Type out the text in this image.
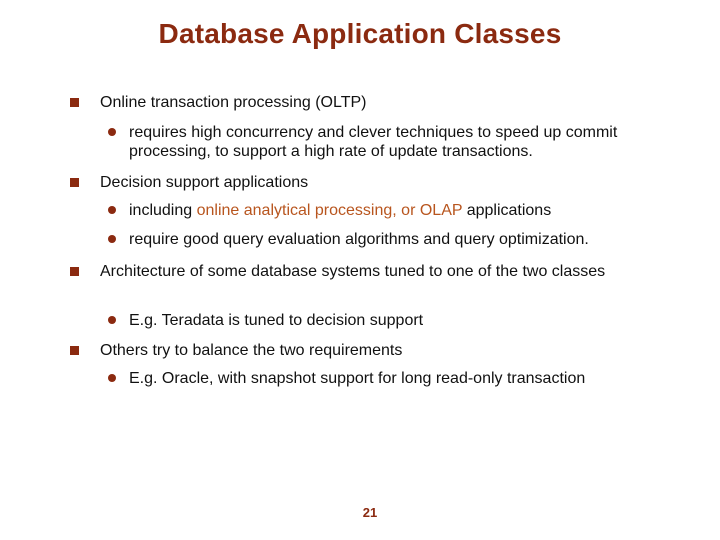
Database Application Classes
Online transaction processing (OLTP)
requires high concurrency and clever techniques to speed up commit processing, to support a high rate of update transactions.
Decision support applications
including online analytical processing, or OLAP applications
require good query evaluation algorithms and query optimization.
Architecture of some database systems tuned to one of the two classes
E.g. Teradata is tuned to decision support
Others try to balance the two requirements
E.g. Oracle, with snapshot support for long read-only transaction
21
